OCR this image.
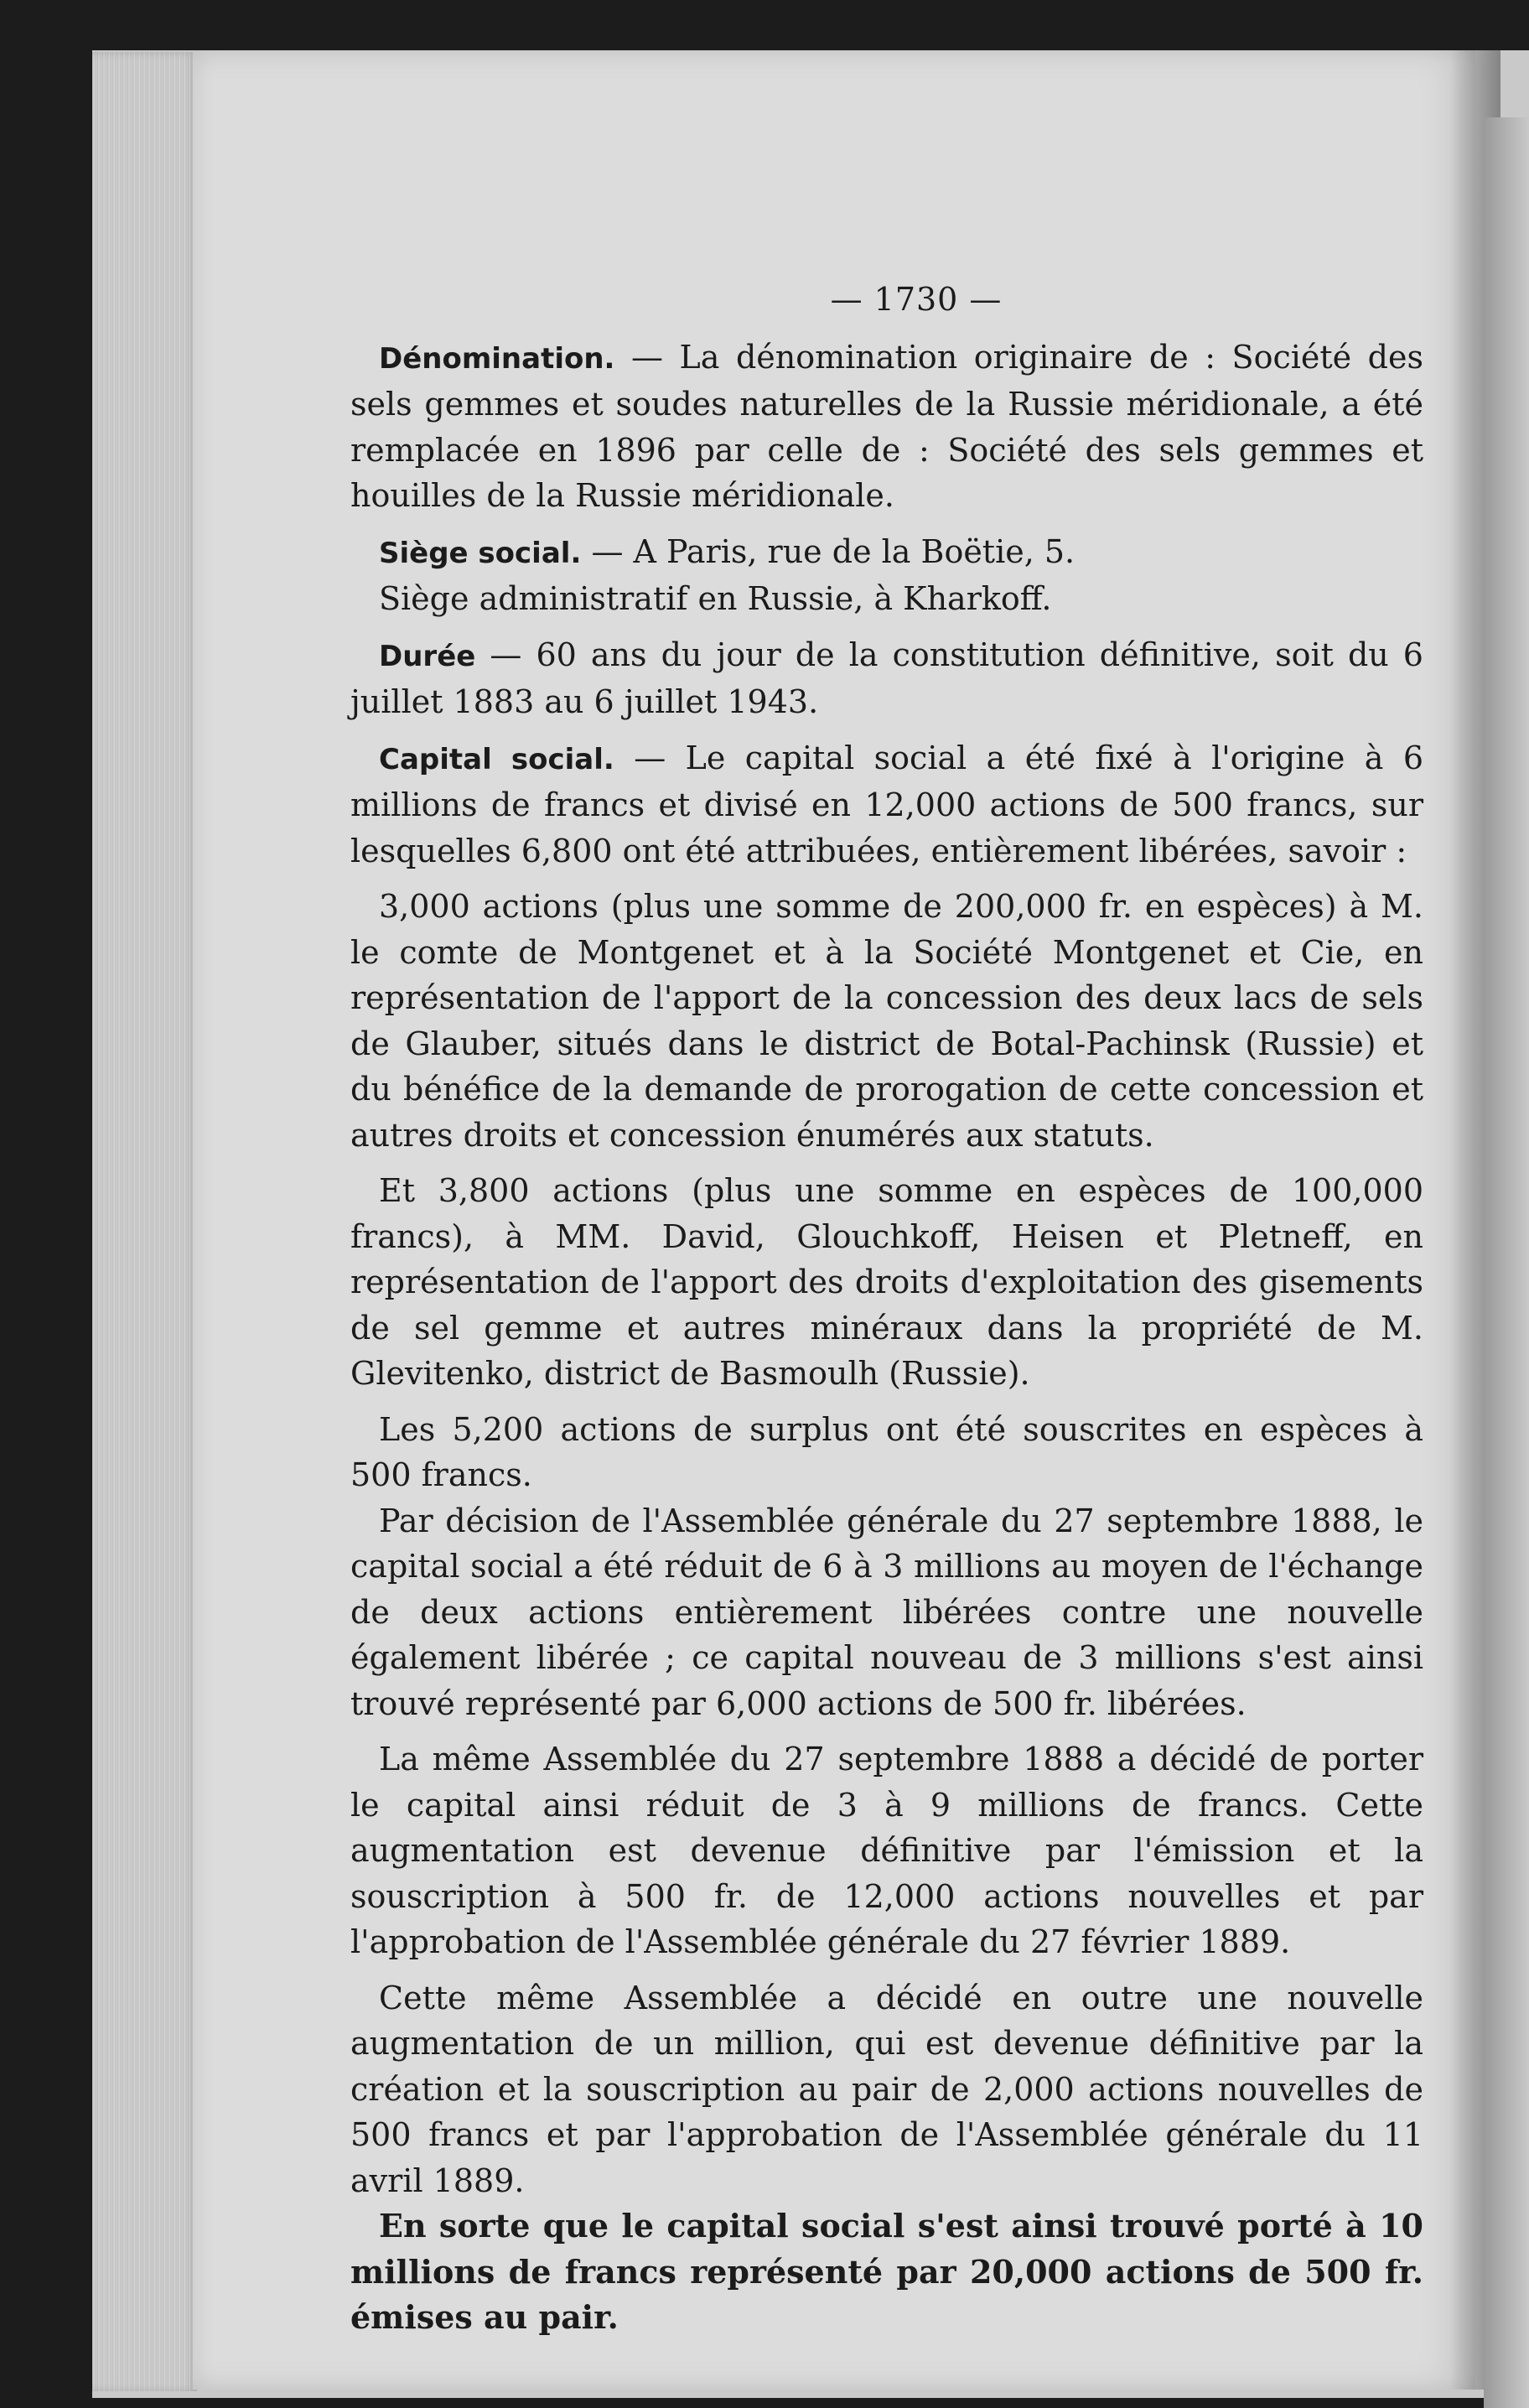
— 1730 —

Dénomination. — La dénomination originaire de : Société des sels gemmes et soudes naturelles de la Russie méridionale, a été remplacée en 1896 par celle de : Société des sels gemmes et houilles de la Russie méridionale.

Siège social. — A Paris, rue de la Boëtie, 5.

Siège administratif en Russie, à Kharkoff.

Durée — 60 ans du jour de la constitution définitive, soit du 6 juillet 1883 au 6 juillet 1943.

Capital social. — Le capital social a été fixé à l'origine à 6 millions de francs et divisé en 12,000 actions de 500 francs, sur lesquelles 6,800 ont été attribuées, entièrement libérées, savoir :

3,000 actions (plus une somme de 200,000 fr. en espèces) à M. le comte de Montgenet et à la Société Montgenet et Cie, en représentation de l'apport de la concession des deux lacs de sels de Glauber, situés dans le district de Botal-Pachinsk (Russie) et du bénéfice de la demande de prorogation de cette concession et autres droits et concession énumérés aux statuts.

Et 3,800 actions (plus une somme en espèces de 100,000 francs), à MM. David, Glouchkoff, Heisen et Pletneff, en représentation de l'apport des droits d'exploitation des gisements de sel gemme et autres minéraux dans la propriété de M. Glevitenko, district de Basmoulh (Russie).

Les 5,200 actions de surplus ont été souscrites en espèces à 500 francs.

Par décision de l'Assemblée générale du 27 septembre 1888, le capital social a été réduit de 6 à 3 millions au moyen de l'échange de deux actions entièrement libérées contre une nouvelle également libérée ; ce capital nouveau de 3 millions s'est ainsi trouvé représenté par 6,000 actions de 500 fr. libérées.

La même Assemblée du 27 septembre 1888 a décidé de porter le capital ainsi réduit de 3 à 9 millions de francs. Cette augmentation est devenue définitive par l'émission et la souscription à 500 fr. de 12,000 actions nouvelles et par l'approbation de l'Assemblée générale du 27 février 1889.

Cette même Assemblée a décidé en outre une nouvelle augmentation de un million, qui est devenue définitive par la création et la souscription au pair de 2,000 actions nouvelles de 500 francs et par l'approbation de l'Assemblée générale du 11 avril 1889.

En sorte que le capital social s'est ainsi trouvé porté à 10 millions de francs représenté par 20,000 actions de 500 fr. émises au pair.
